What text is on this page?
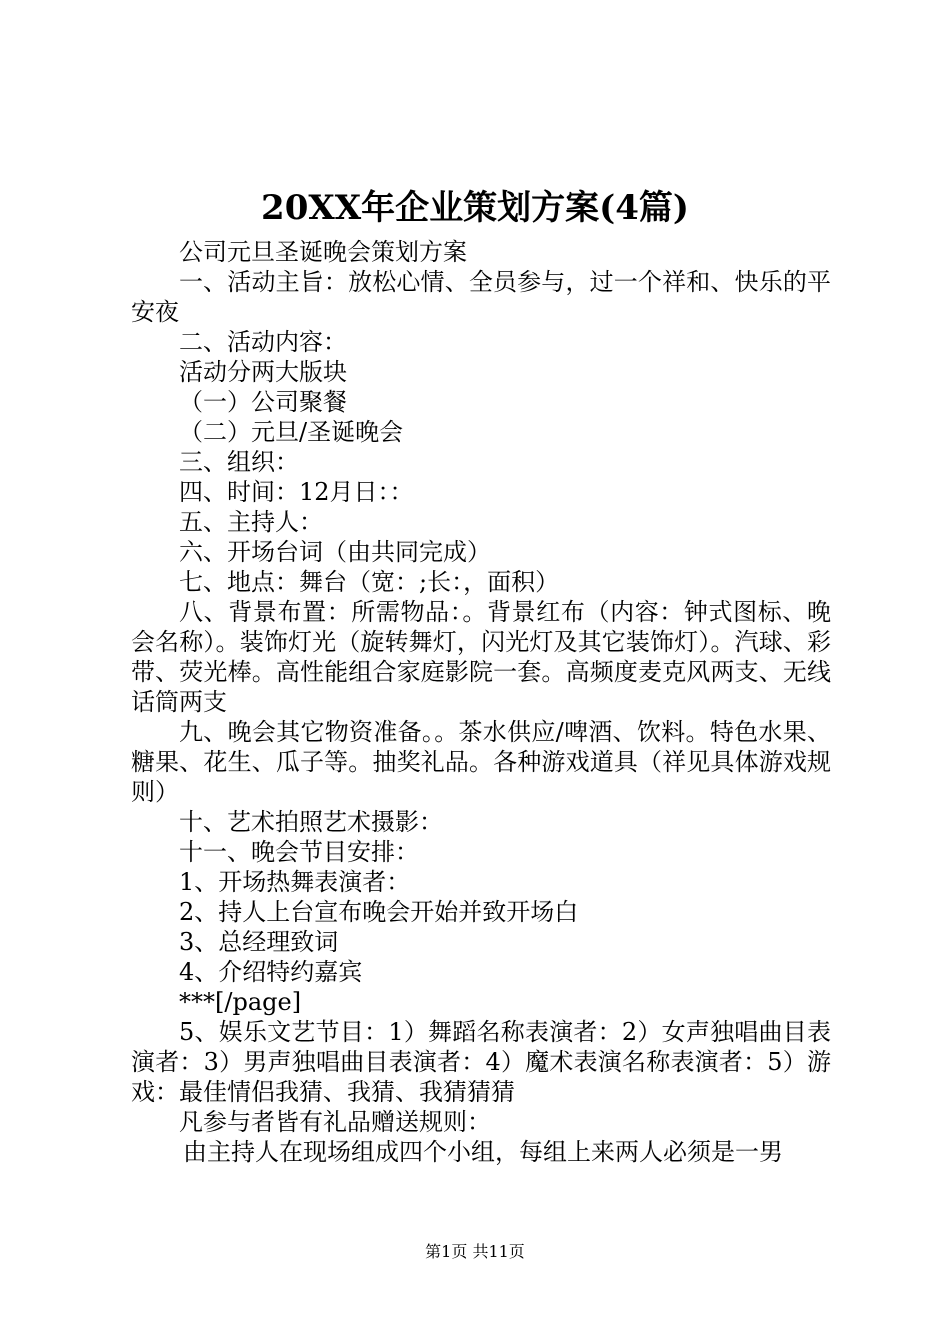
20XX年企业策划方案(4篇)

公司元旦圣诞晚会策划方案

一、活动主旨：放松心情、全员参与，过一个祥和、快乐的平安夜

二、活动内容：

活动分两大版块

（一）公司聚餐

（二）元旦/圣诞晚会

三、组织：

四、时间：12月日：：

五、主持人：

六、开场台词（由共同完成）

七、地点：舞台（宽：;长：，面积）

八、背景布置：所需物品：。背景红布（内容：钟式图标、晚会名称）。装饰灯光（旋转舞灯，闪光灯及其它装饰灯）。汽球、彩带、荧光棒。高性能组合家庭影院一套。高频度麦克风两支、无线话筒两支

九、晚会其它物资准备。。茶水供应/啤酒、饮料。特色水果、糖果、花生、瓜子等。抽奖礼品。各种游戏道具（祥见具体游戏规则）

十、艺术拍照艺术摄影：

十一、晚会节目安排：

1、开场热舞表演者：

2、持人上台宣布晚会开始并致开场白

3、总经理致词

4、介绍特约嘉宾

***[/page]

5、娱乐文艺节目：1）舞蹈名称表演者：2）女声独唱曲目表演者：3）男声独唱曲目表演者：4）魔术表演名称表演者：5）游戏：最佳情侣我猜、我猜、我猜猜猜

凡参与者皆有礼品赠送规则：

由主持人在现场组成四个小组，每组上来两人必须是一男

第1页 共11页
